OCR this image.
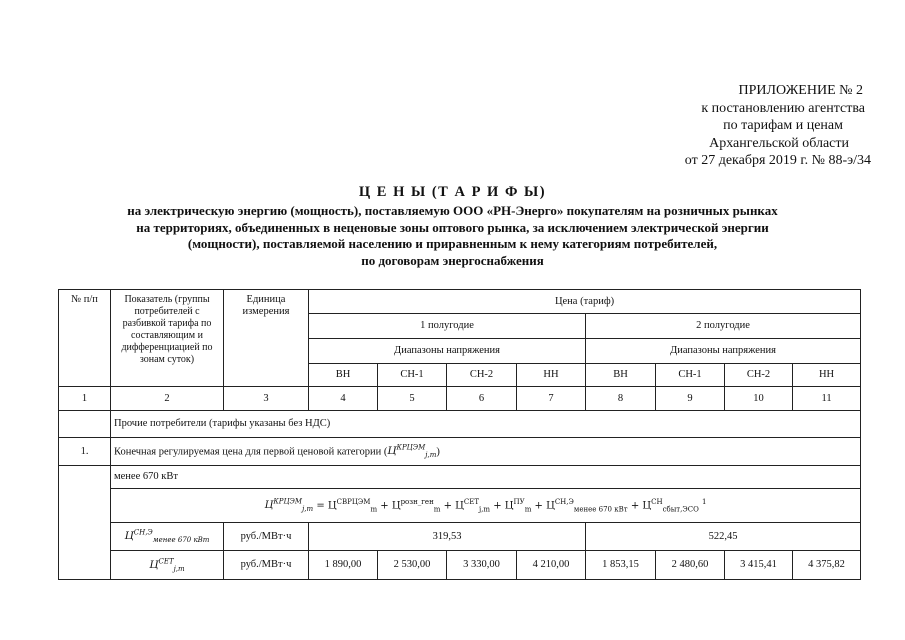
ПРИЛОЖЕНИЕ № 2
к постановлению агентства
по тарифам и ценам
Архангельской области
от 27 декабря 2019 г. № 88-э/34
Ц Е Н Ы (Т А Р И Ф Ы)
на электрическую энергию (мощность), поставляемую ООО «РН-Энерго» покупателям на розничных рынках
на территориях, объединенных в неценовые зоны оптового рынка, за исключением электрической энергии
(мощности), поставляемой населению и приравненным к нему категориям потребителей,
по договорам энергоснабжения
№ п/п	Показатель (группы потребителей с разбивкой тарифа по составляющим и дифференциацией по зонам суток)	Единица измерения	Цена (тариф)							
			1 полугодие				2 полугодие			
			Диапазоны напряжения				Диапазоны напряжения			
			ВН	СН-1	СН-2	НН	ВН	СН-1	СН-2	НН
1	2	3	4	5	6	7	8	9	10	11
	Прочие потребители (тарифы указаны без НДС)									
1.	Конечная регулируемая цена для первой ценовой категории $(Ц^{КРЦЭМ}_{j,m})$									
	менее 670 кВт									
	$Ц^{КРЦЭМ}_{j,m} = Ц^{СВРЦЭМ}_m + Ц^{розн\_ген}_m + Ц^{СЕТ}_{j,m} + Ц^{ПУ}_m + Ц^{СН,Э}_{менее 670 кВт} + Ц^{СН}_{сбыт,ЭСО}$ $^1$
	$Ц^{СН,Э}_{менее 670 кВт}$	руб./МВт·ч	319,53				522,45			
	$Ц^{СЕТ}_{j,m}$	руб./МВт·ч	1 890,00	2 530,00	3 330,00	4 210,00	1 853,15	2 480,60	3 415,41	4 375,82
